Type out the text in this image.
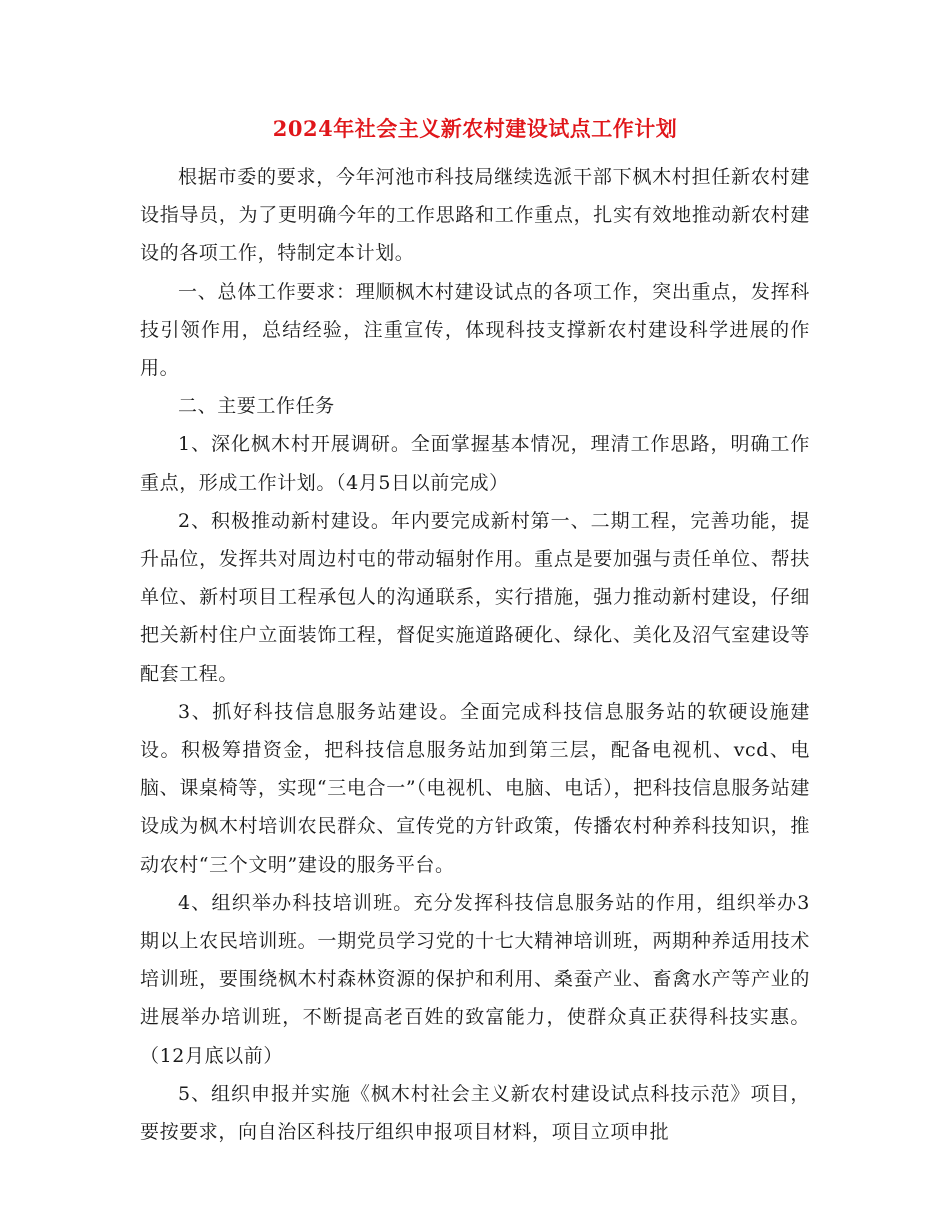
2024年社会主义新农村建设试点工作计划

根据市委的要求，今年河池市科技局继续选派干部下枫木村担任新农村建设指导员，为了更明确今年的工作思路和工作重点，扎实有效地推动新农村建设的各项工作，特制定本计划。

一、总体工作要求：理顺枫木村建设试点的各项工作，突出重点，发挥科技引领作用，总结经验，注重宣传，体现科技支撑新农村建设科学进展的作用。

二、主要工作任务

1、深化枫木村开展调研。全面掌握基本情况，理清工作思路，明确工作重点，形成工作计划。（4月5日以前完成）

2、积极推动新村建设。年内要完成新村第一、二期工程，完善功能，提升品位，发挥共对周边村屯的带动辐射作用。重点是要加强与责任单位、帮扶单位、新村项目工程承包人的沟通联系，实行措施，强力推动新村建设，仔细把关新村住户立面装饰工程，督促实施道路硬化、绿化、美化及沼气室建设等配套工程。

3、抓好科技信息服务站建设。全面完成科技信息服务站的软硬设施建设。积极筹措资金，把科技信息服务站加到第三层，配备电视机、vcd、电脑、课桌椅等，实现“三电合一”（电视机、电脑、电话），把科技信息服务站建设成为枫木村培训农民群众、宣传党的方针政策，传播农村种养科技知识，推动农村“三个文明”建设的服务平台。

4、组织举办科技培训班。充分发挥科技信息服务站的作用，组织举办3期以上农民培训班。一期党员学习党的十七大精神培训班，两期种养适用技术培训班，要围绕枫木村森林资源的保护和利用、桑蚕产业、畜禽水产等产业的进展举办培训班，不断提高老百姓的致富能力，使群众真正获得科技实惠。（12月底以前）

5、组织申报并实施《枫木村社会主义新农村建设试点科技示范》项目，要按要求，向自治区科技厅组织申报项目材料，项目立项申批
